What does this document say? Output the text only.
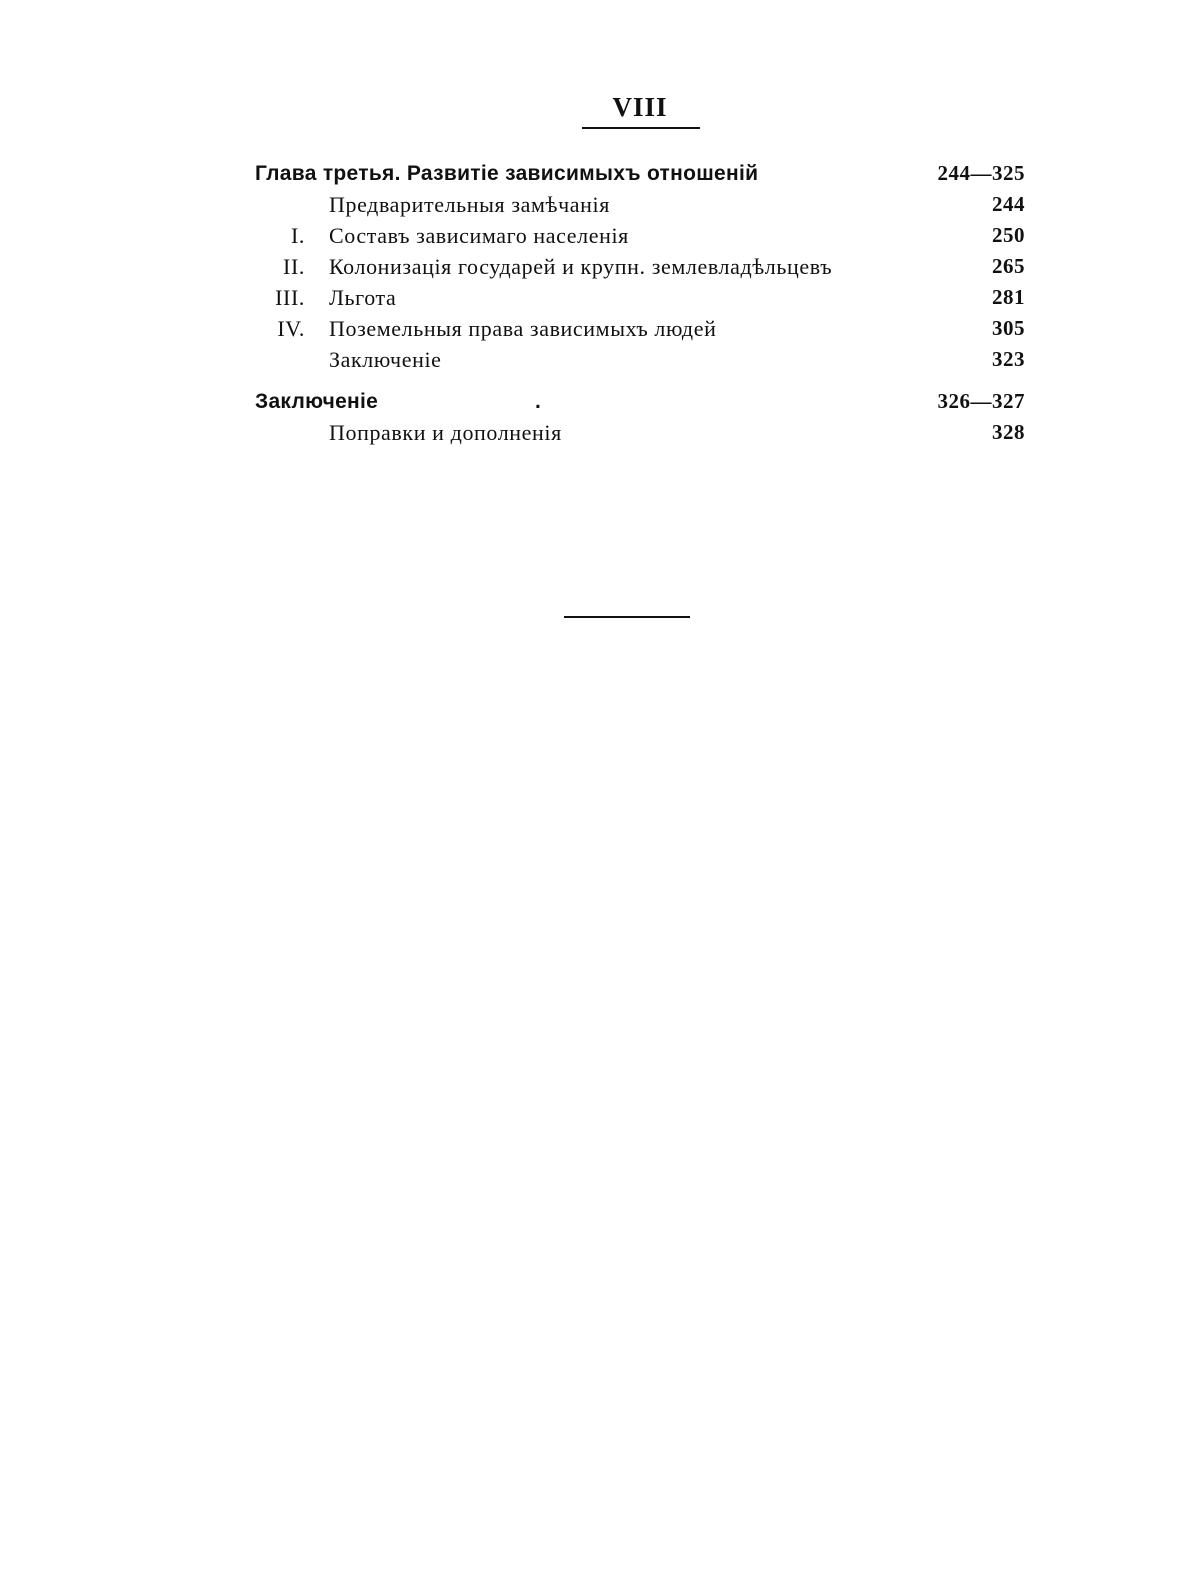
VIII
Глава третья. Развитіе зависимыхъ отношеній	244—325
Предварительныя замѣчанія	244
I. Составъ зависимаго населенія	250
II. Колонизація государей и крупн. землевладѣльцевъ	265
III. Льгота	281
IV. Поземельныя права зависимыхъ людей	305
Заключеніе	323
Заключеніе	.	326—327
Поправки и дополненія	328
